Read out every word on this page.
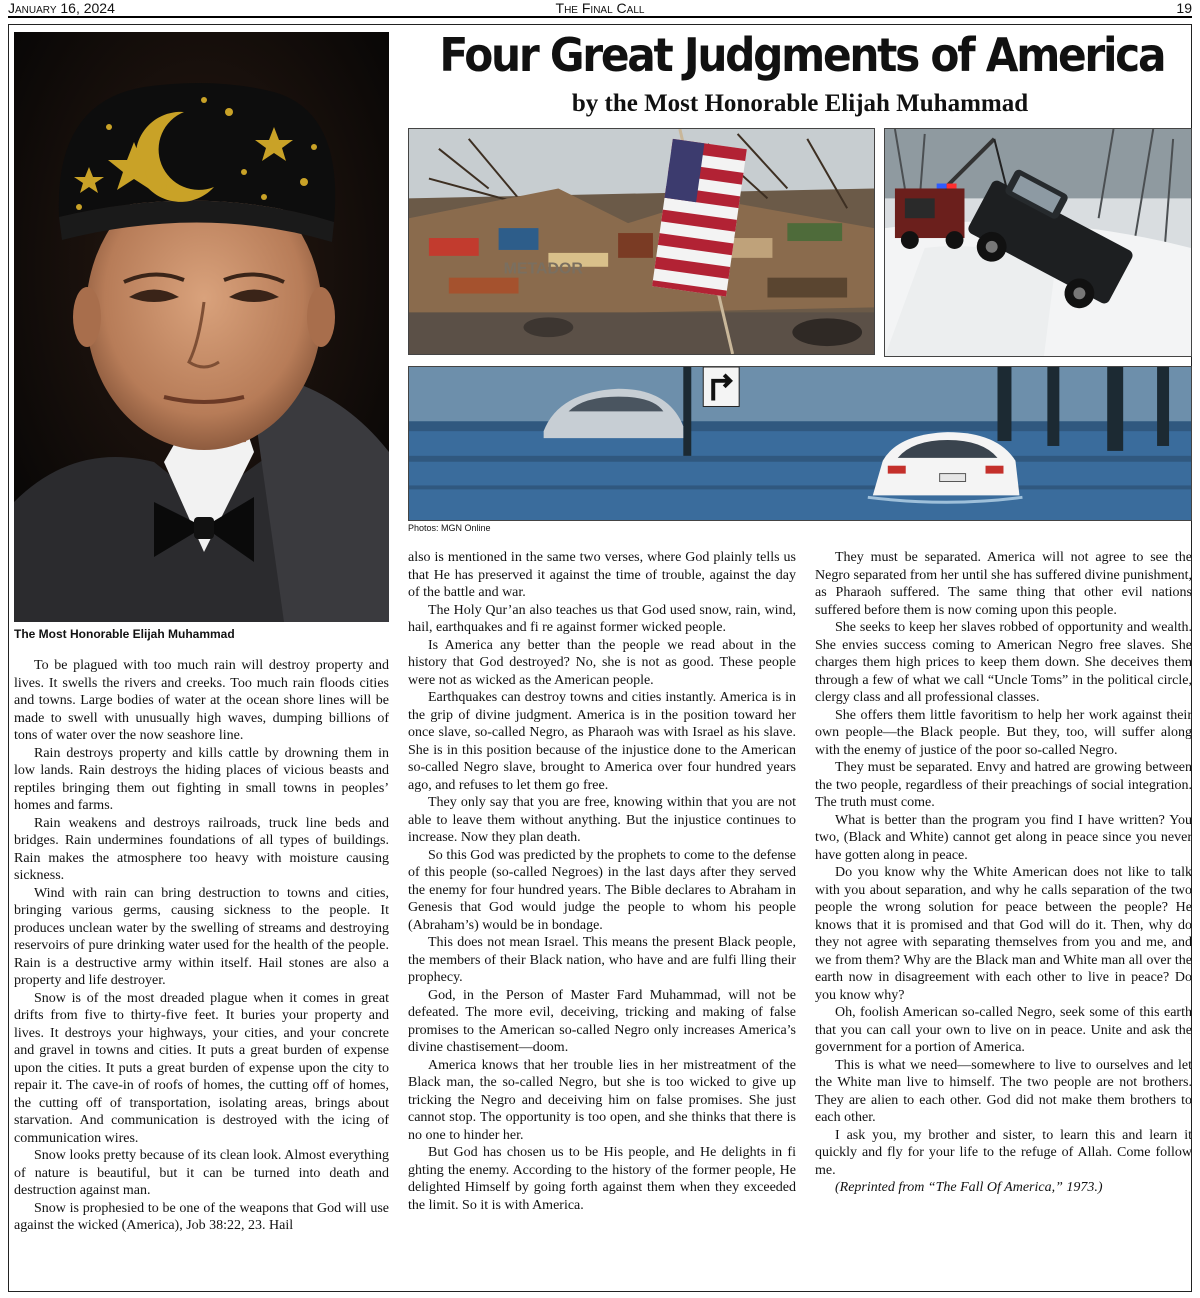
January 16, 2024	The Final Call	19
The Most Honorable Elijah Muhammad
Four Great Judgments of America
by the Most Honorable Elijah Muhammad
METADOR
Photos: MGN Online

To be plagued with too much rain will destroy property and lives. It swells the rivers and creeks. Too much rain floods cities and towns. Large bodies of water at the ocean shore lines will be made to swell with unusually high waves, dumping billions of tons of water over the now seashore line.

Rain destroys property and kills cattle by drowning them in low lands. Rain destroys the hiding places of vicious beasts and reptiles bringing them out fighting in small towns in peoples’ homes and farms.

Rain weakens and destroys railroads, truck line beds and bridges. Rain undermines foundations of all types of buildings. Rain makes the atmosphere too heavy with moisture causing sickness.

Wind with rain can bring destruction to towns and cities, bringing various germs, causing sickness to the people. It produces unclean water by the swelling of streams and destroying reservoirs of pure drinking water used for the health of the people. Rain is a destructive army within itself. Hail stones are also a property and life destroyer.

Snow is of the most dreaded plague when it comes in great drifts from five to thirty-five feet. It buries your property and lives. It destroys your highways, your cities, and your concrete and gravel in towns and cities. It puts a great burden of expense upon the cities. It puts a great burden of expense upon the city to repair it. The cave-in of roofs of homes, the cutting off of homes, the cutting off of transportation, isolating areas, brings about starvation. And communication is destroyed with the icing of communication wires.

Snow looks pretty because of its clean look. Almost everything of nature is beautiful, but it can be turned into death and destruction against man.

Snow is prophesied to be one of the weapons that God will use against the wicked (America), Job 38:22, 23. Hail

also is mentioned in the same two verses, where God plainly tells us that He has preserved it against the time of trouble, against the day of the battle and war.

The Holy Qur’an also teaches us that God used snow, rain, wind, hail, earthquakes and fi re against former wicked people.

Is America any better than the people we read about in the history that God destroyed? No, she is not as good. These people were not as wicked as the American people.

Earthquakes can destroy towns and cities instantly. America is in the grip of divine judgment. America is in the position toward her once slave, so-called Negro, as Pharaoh was with Israel as his slave. She is in this position because of the injustice done to the American so-called Negro slave, brought to America over four hundred years ago, and refuses to let them go free.

They only say that you are free, knowing within that you are not able to leave them without anything. But the injustice continues to increase. Now they plan death.

So this God was predicted by the prophets to come to the defense of this people (so-called Negroes) in the last days after they served the enemy for four hundred years. The Bible declares to Abraham in Genesis that God would judge the people to whom his people (Abraham’s) would be in bondage.

This does not mean Israel. This means the present Black people, the members of their Black nation, who have and are fulfi lling their prophecy.

God, in the Person of Master Fard Muhammad, will not be defeated. The more evil, deceiving, tricking and making of false promises to the American so-called Negro only increases America’s divine chastisement—doom.

America knows that her trouble lies in her mistreatment of the Black man, the so-called Negro, but she is too wicked to give up tricking the Negro and deceiving him on false promises. She just cannot stop. The opportunity is too open, and she thinks that there is no one to hinder her.

But God has chosen us to be His people, and He delights in fi ghting the enemy. According to the history of the former people, He delighted Himself by going forth against them when they exceeded the limit. So it is with America.

They must be separated. America will not agree to see the Negro separated from her until she has suffered divine punishment, as Pharaoh suffered. The same thing that other evil nations suffered before them is now coming upon this people.

She seeks to keep her slaves robbed of opportunity and wealth. She envies success coming to American Negro free slaves. She charges them high prices to keep them down. She deceives them through a few of what we call “Uncle Toms” in the political circle, clergy class and all professional classes.

She offers them little favoritism to help her work against their own people—the Black people. But they, too, will suffer along with the enemy of justice of the poor so-called Negro.

They must be separated. Envy and hatred are growing between the two people, regardless of their preachings of social integration. The truth must come.

What is better than the program you find I have written? You two, (Black and White) cannot get along in peace since you never have gotten along in peace.

Do you know why the White American does not like to talk with you about separation, and why he calls separation of the two people the wrong solution for peace between the people? He knows that it is promised and that God will do it. Then, why do they not agree with separating themselves from you and me, and we from them? Why are the Black man and White man all over the earth now in disagreement with each other to live in peace? Do you know why?

Oh, foolish American so-called Negro, seek some of this earth that you can call your own to live on in peace. Unite and ask the government for a portion of America.

This is what we need—somewhere to live to ourselves and let the White man live to himself. The two people are not brothers. They are alien to each other. God did not make them brothers to each other.

I ask you, my brother and sister, to learn this and learn it quickly and fly for your life to the refuge of Allah. Come follow me.

(Reprinted from “The Fall Of America,” 1973.)
